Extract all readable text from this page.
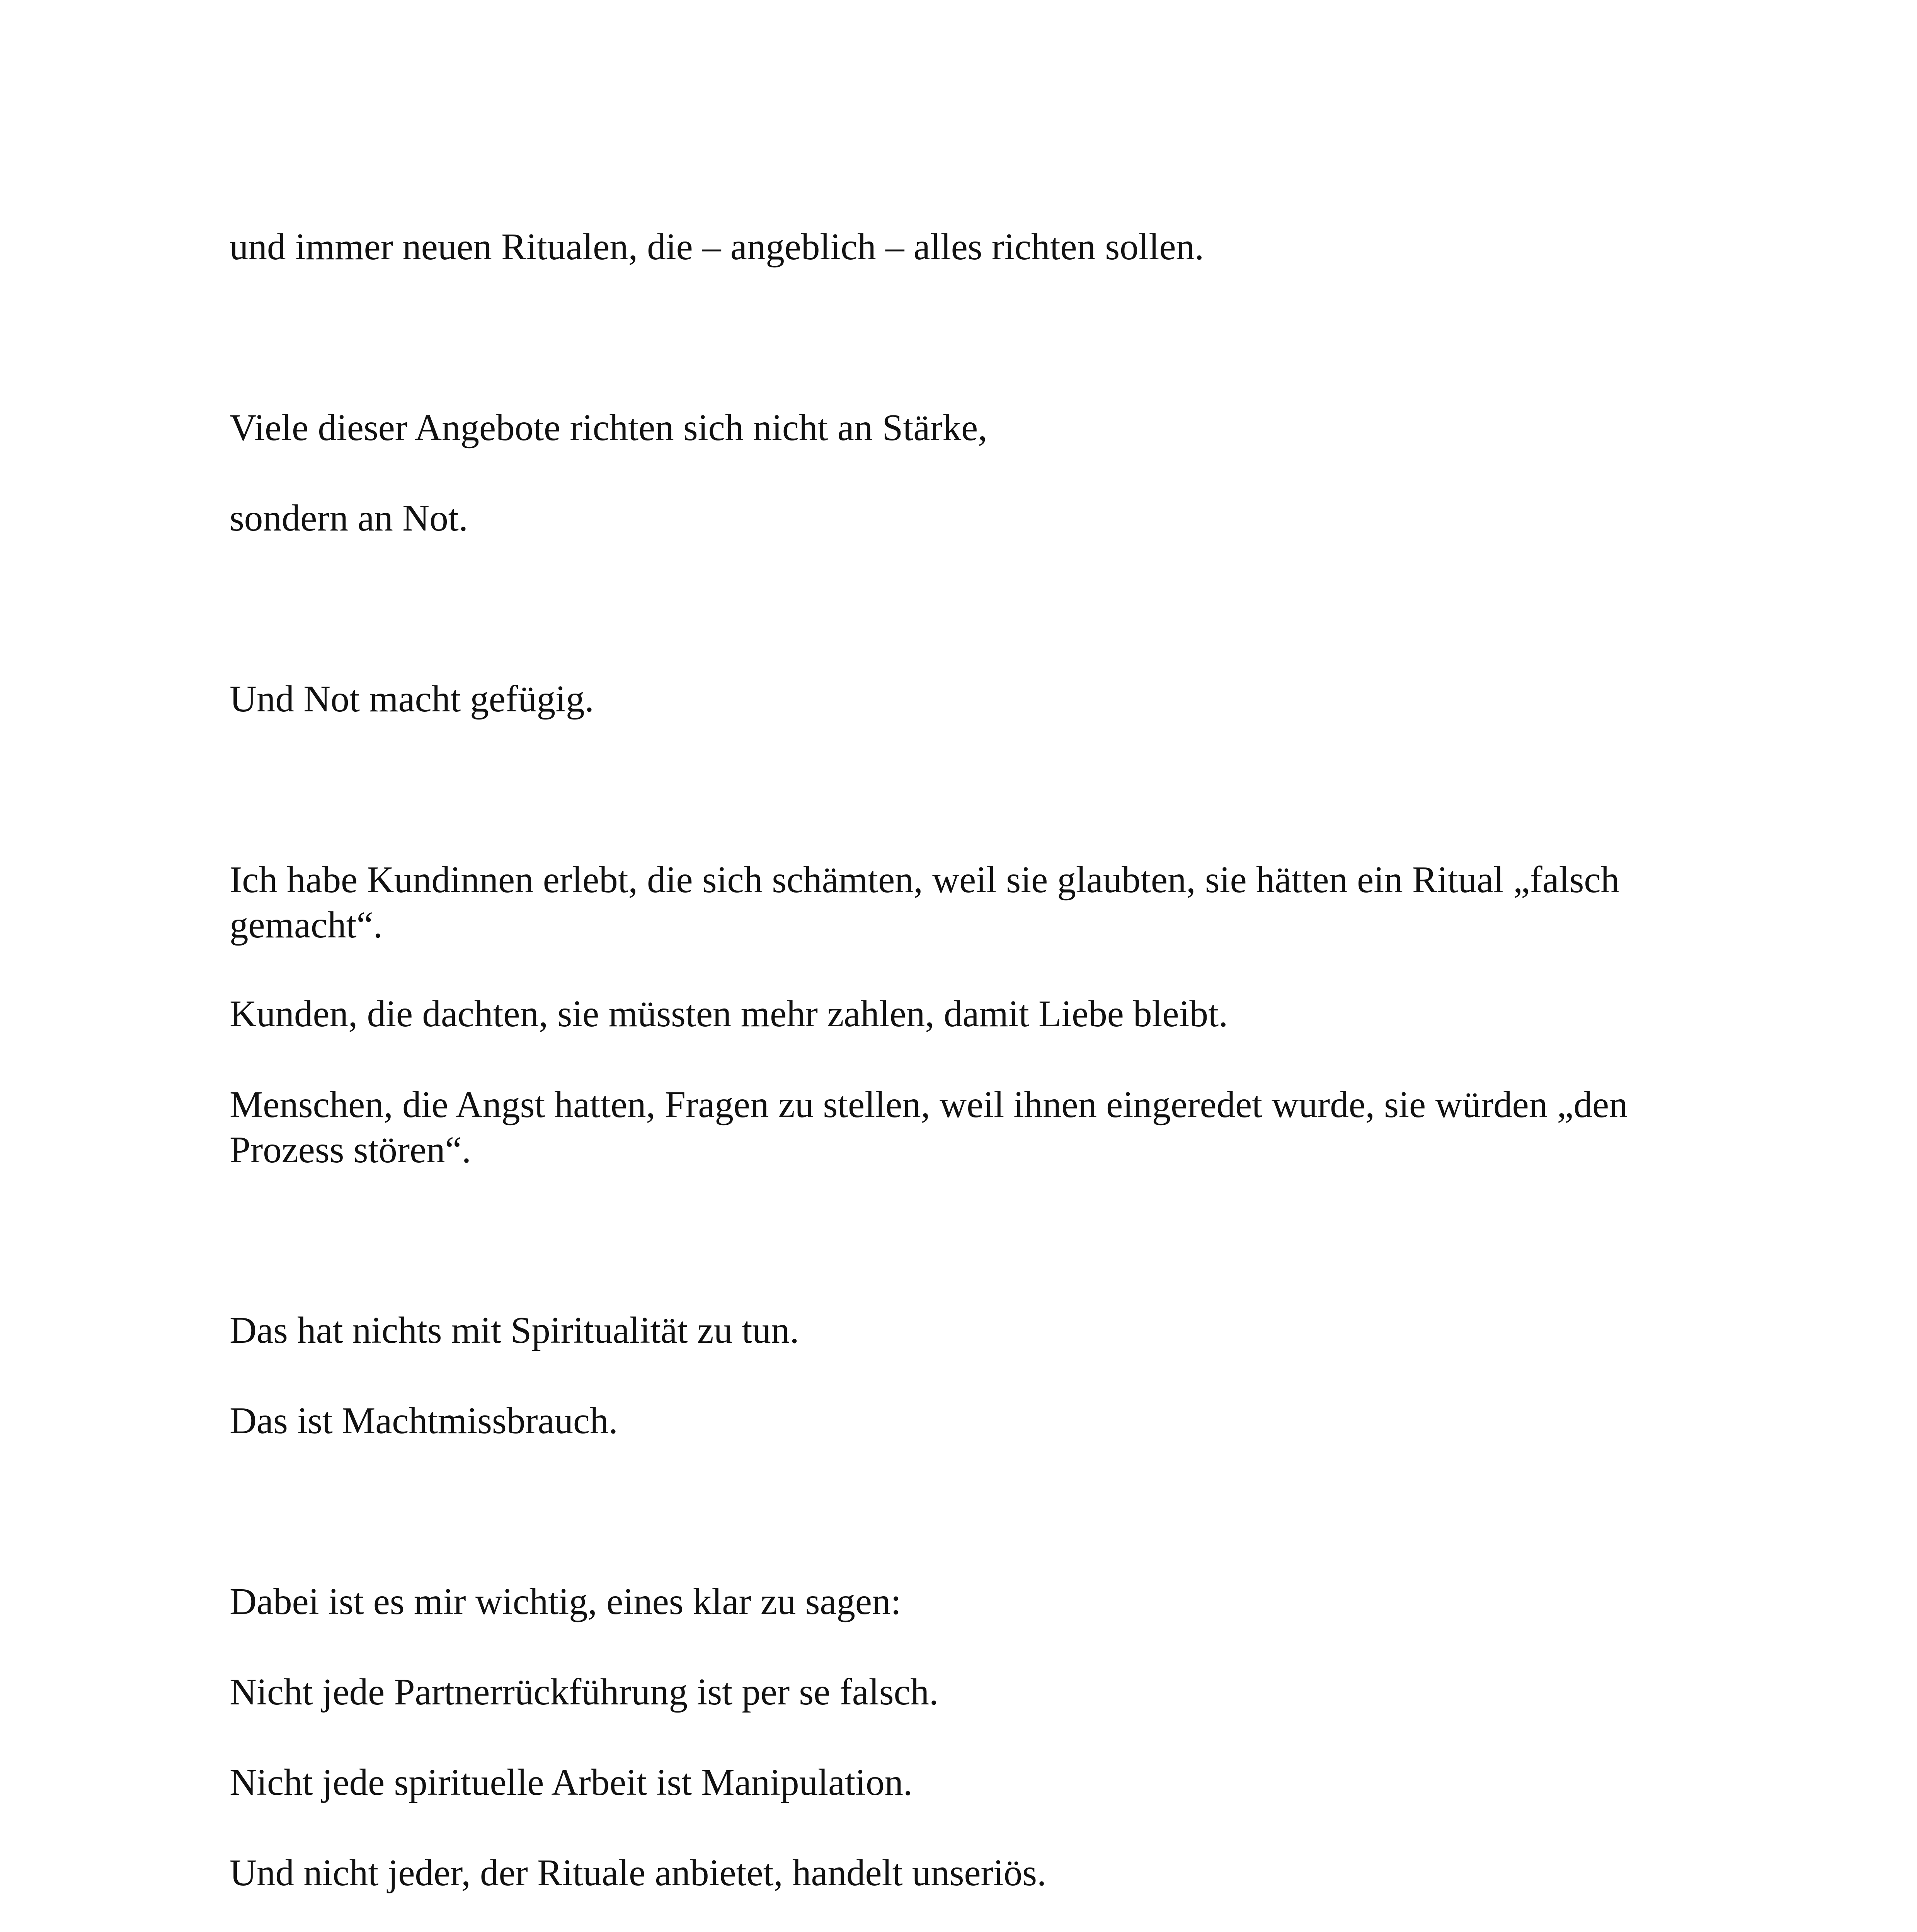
und immer neuen Ritualen, die – angeblich – alles richten sollen.

Viele dieser Angebote richten sich nicht an Stärke,

sondern an Not.

Und Not macht gefügig.

Ich habe Kundinnen erlebt, die sich schämten, weil sie glaubten, sie hätten ein Ritual „falsch gemacht“.

Kunden, die dachten, sie müssten mehr zahlen, damit Liebe bleibt.

Menschen, die Angst hatten, Fragen zu stellen, weil ihnen eingeredet wurde, sie würden „den Prozess stören“.

Das hat nichts mit Spiritualität zu tun.

Das ist Machtmissbrauch.

Dabei ist es mir wichtig, eines klar zu sagen:

Nicht jede Partnerrückführung ist per se falsch.

Nicht jede spirituelle Arbeit ist Manipulation.

Und nicht jeder, der Rituale anbietet, handelt unseriös.
